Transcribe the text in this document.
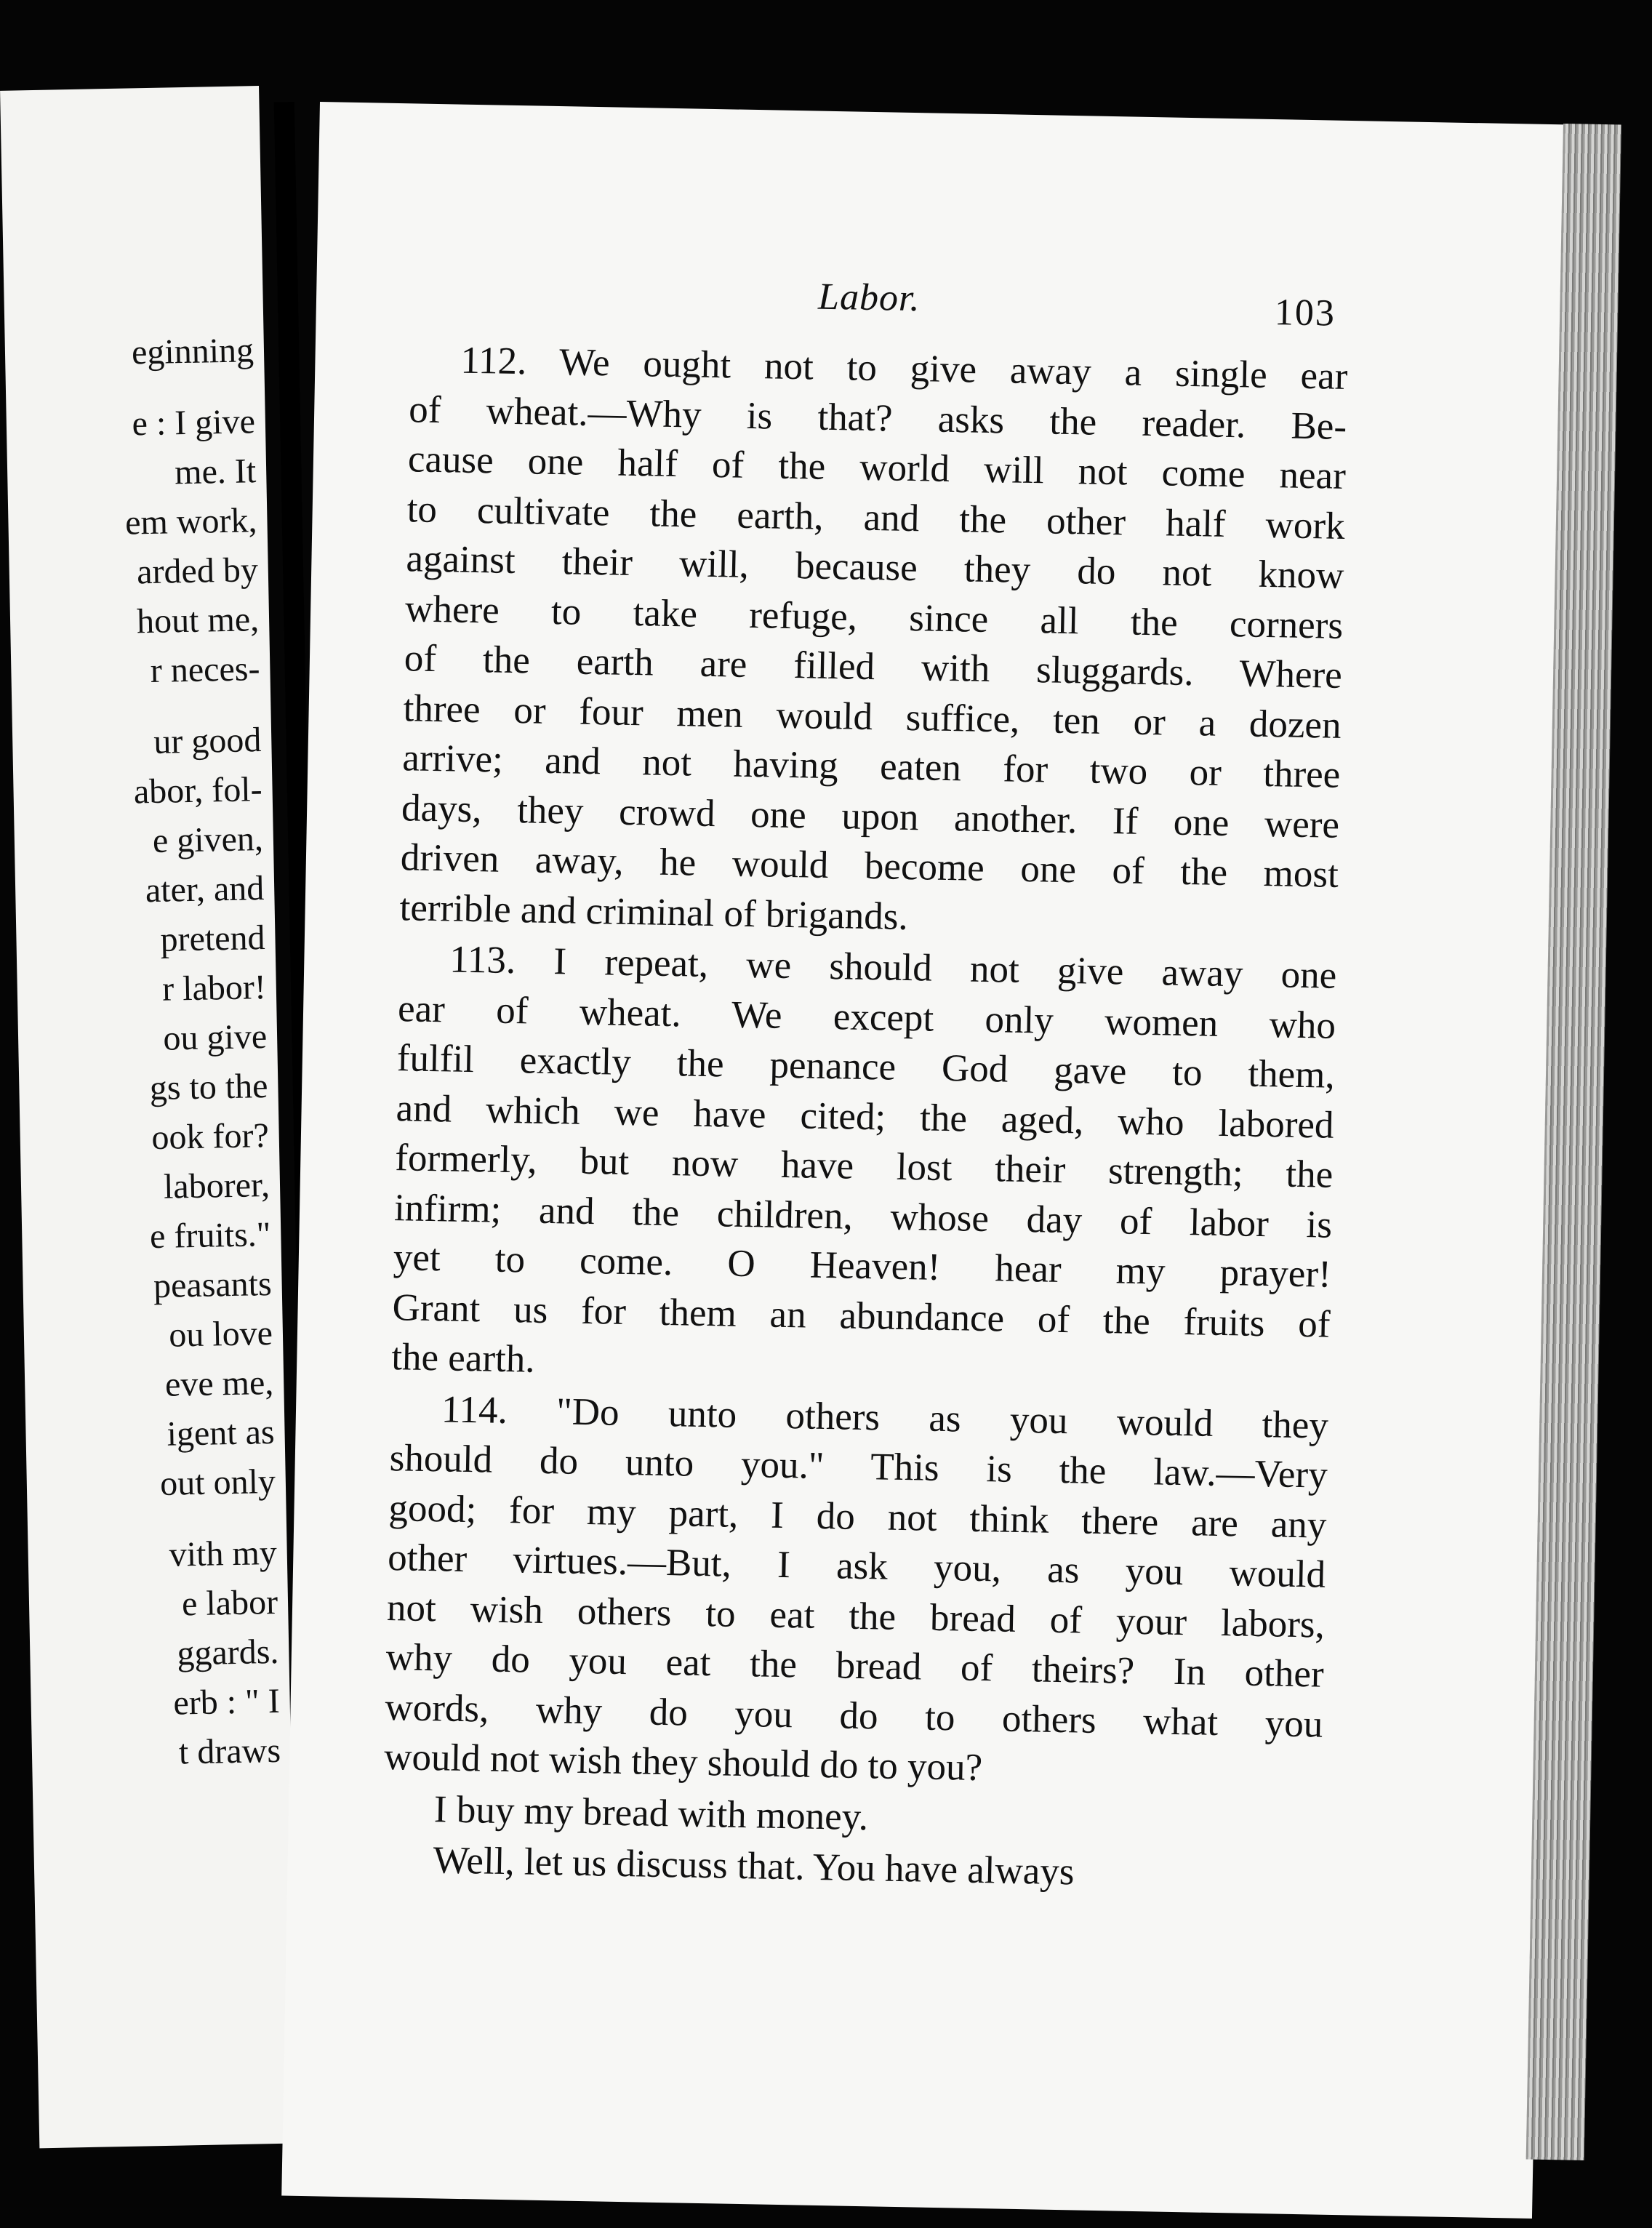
eginning
e : I give
me. It
em work,
arded by
hout me,
r neces-
ur good
abor, fol-
e given,
ater, and
pretend
r labor!
ou give
gs to the
ook for?
laborer,
e fruits."
peasants
ou love
eve me,
igent as
out only
vith my
e labor
ggards.
erb : " I
t draws
Labor.	103
112. We ought not to give away a single ear
of wheat.—Why is that? asks the reader. Be-
cause one half of the world will not come near
to cultivate the earth, and the other half work
against their will, because they do not know
where to take refuge, since all the corners
of the earth are filled with sluggards. Where
three or four men would suffice, ten or a dozen
arrive; and not having eaten for two or three
days, they crowd one upon another. If one were
driven away, he would become one of the most
terrible and criminal of brigands.
113. I repeat, we should not give away one
ear of wheat. We except only women who
fulfil exactly the penance God gave to them,
and which we have cited; the aged, who labored
formerly, but now have lost their strength; the
infirm; and the children, whose day of labor is
yet to come. O Heaven! hear my prayer!
Grant us for them an abundance of the fruits of
the earth.
114. "Do unto others as you would they
should do unto you." This is the law.—Very
good; for my part, I do not think there are any
other virtues.—But, I ask you, as you would
not wish others to eat the bread of your labors,
why do you eat the bread of theirs? In other
words, why do you do to others what you
would not wish they should do to you?
I buy my bread with money.
Well, let us discuss that. You have always
